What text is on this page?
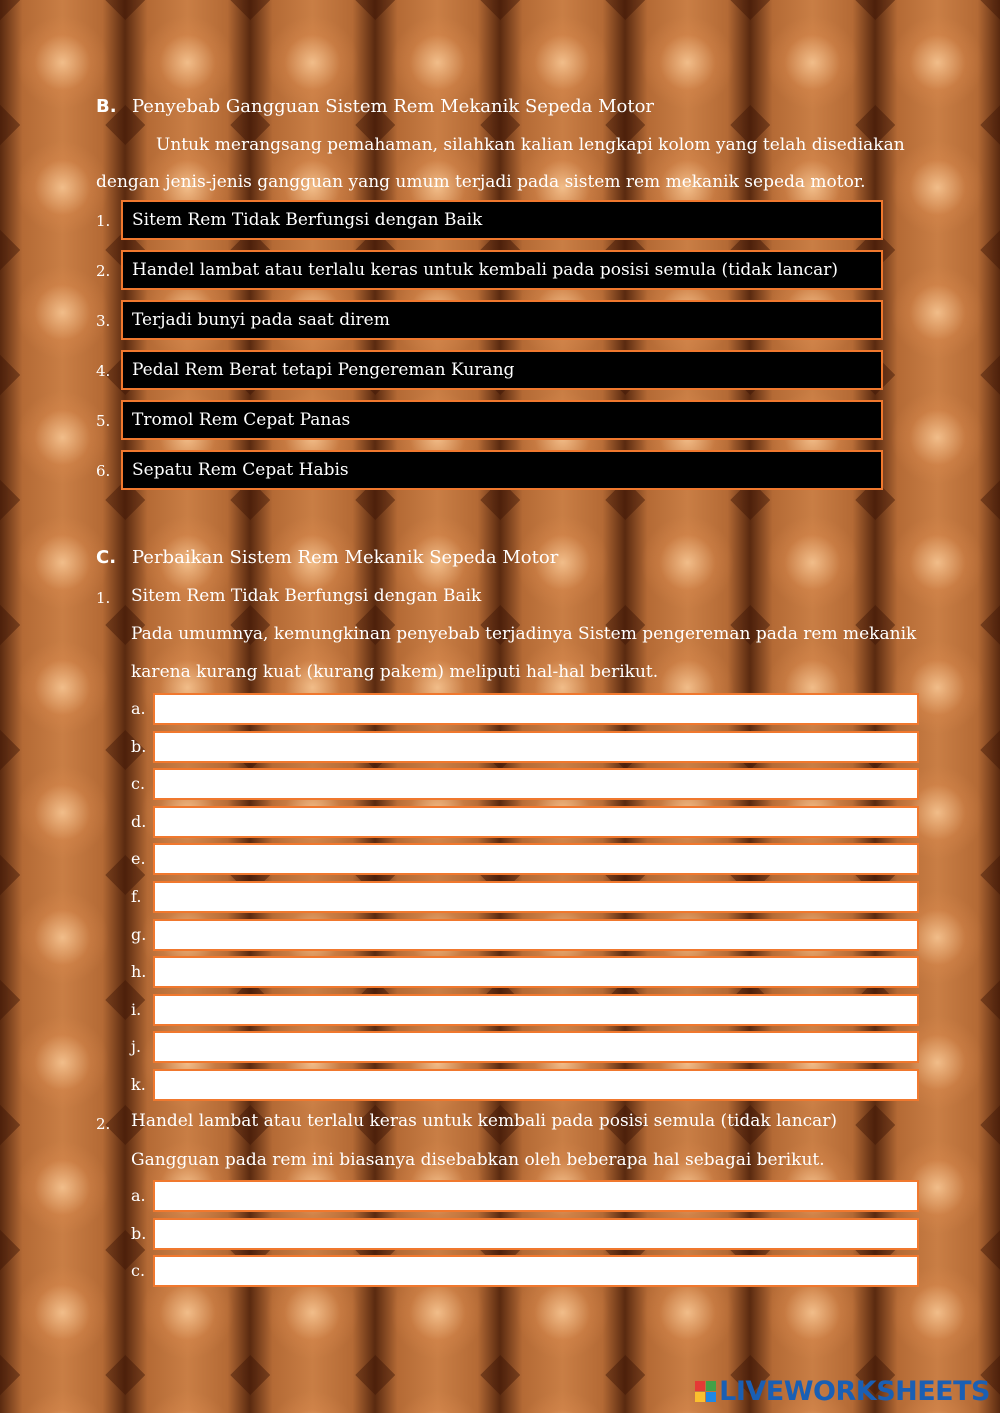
B. Penyebab Gangguan Sistem Rem Mekanik Sepeda Motor
Untuk merangsang pemahaman, silahkan kalian lengkapi kolom yang telah disediakan
dengan jenis-jenis gangguan yang umum terjadi pada sistem rem mekanik sepeda motor.
1.	Sitem Rem Tidak Berfungsi dengan Baik
2.	Handel lambat atau terlalu keras untuk kembali pada posisi semula (tidak lancar)
3.	Terjadi bunyi pada saat direm
4.	Pedal Rem Berat tetapi Pengereman Kurang
5.	Tromol Rem Cepat Panas
6.	Sepatu Rem Cepat Habis
C. Perbaikan Sistem Rem Mekanik Sepeda Motor
1. Sitem Rem Tidak Berfungsi dengan Baik
Pada umumnya, kemungkinan penyebab terjadinya Sistem pengereman pada rem mekanik
karena kurang kuat (kurang pakem) meliputi hal-hal berikut.
a.
b.
c.
d.
e.
f.
g.
h.
i.
j.
k.
2. Handel lambat atau terlalu keras untuk kembali pada posisi semula (tidak lancar)
Gangguan pada rem ini biasanya disebabkan oleh beberapa hal sebagai berikut.
a.
b.
c.
LIVEWORKSHEETS
